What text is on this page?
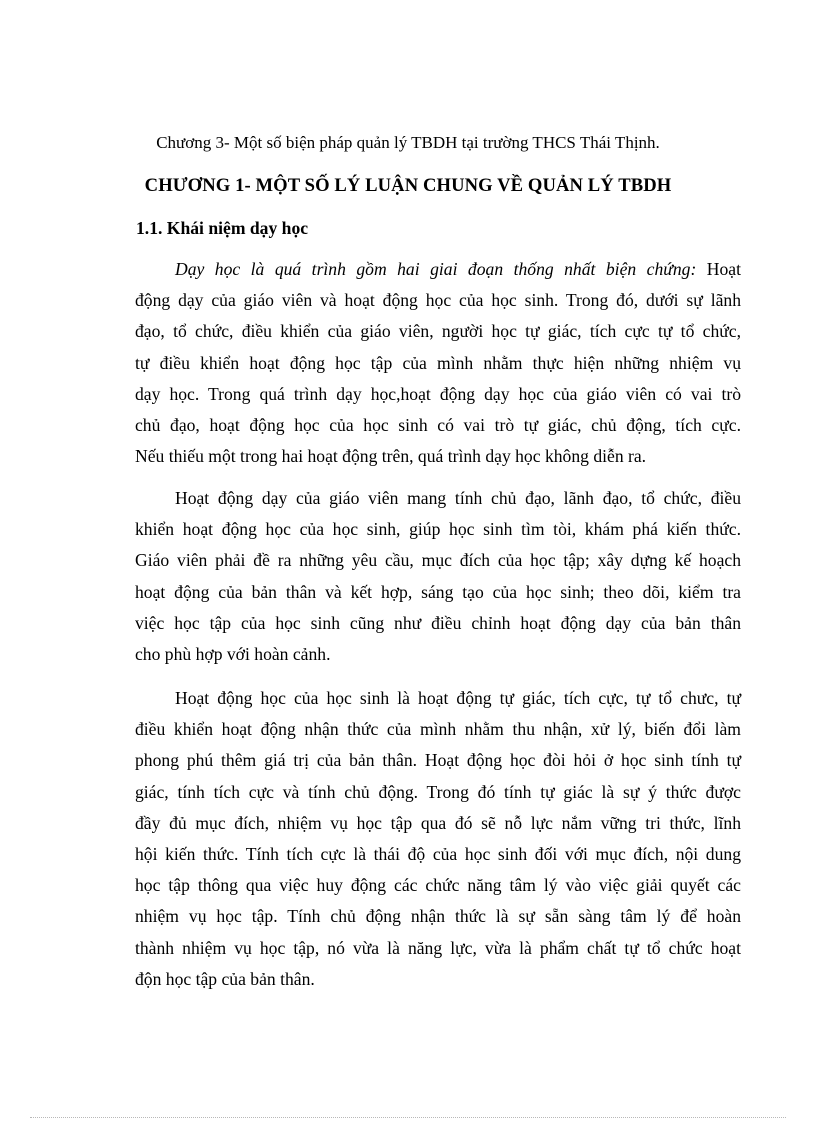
Chương 3- Một số biện pháp quản lý TBDH tại trường THCS Thái Thịnh.
CHƯƠNG 1- MỘT SỐ LÝ LUẬN CHUNG VỀ QUẢN LÝ TBDH
1.1. Khái niệm dạy học
Dạy học là quá trình gồm hai giai đoạn thống nhất biện chứng: Hoạt
động dạy của giáo viên và hoạt động học của học sinh. Trong đó, dưới sự lãnh
đạo, tổ chức, điều khiển của giáo viên, người học tự giác, tích cực tự tổ chức,
tự điều khiển hoạt động học tập của mình nhằm thực hiện những nhiệm vụ
dạy học. Trong quá trình dạy học,hoạt động dạy học của giáo viên có vai trò
chủ đạo, hoạt động học của học sinh có vai trò tự giác, chủ động, tích cực.
Nếu thiếu một trong hai hoạt động trên, quá trình dạy học không diễn ra.
Hoạt động dạy của giáo viên mang tính chủ đạo, lãnh đạo, tổ chức, điều
khiển hoạt động học của học sinh, giúp học sinh tìm tòi, khám phá kiến thức.
Giáo viên phải đề ra những yêu cầu, mục đích của học tập; xây dựng kế hoạch
hoạt động của bản thân và kết hợp, sáng tạo của học sinh; theo dõi, kiểm tra
việc học tập của học sinh cũng như điều chỉnh hoạt động dạy của bản thân
cho phù hợp với hoàn cảnh.
Hoạt động học của học sinh là hoạt động tự giác, tích cực, tự tổ chưc, tự
điều khiển hoạt động nhận thức của mình nhằm thu nhận, xử lý, biến đổi làm
phong phú thêm giá trị của bản thân. Hoạt động học đòi hỏi ở học sinh tính tự
giác, tính tích cực và tính chủ động. Trong đó tính tự giác là sự ý thức được
đầy đủ mục đích, nhiệm vụ học tập qua đó sẽ nỗ lực nắm vững tri thức, lĩnh
hội kiến thức. Tính tích cực là thái độ của học sinh đối với mục đích, nội dung
học tập thông qua việc huy động các chức năng tâm lý vào việc giải quyết các
nhiệm vụ học tập. Tính chủ động nhận thức là sự sẵn sàng tâm lý để hoàn
thành nhiệm vụ học tập, nó vừa là năng lực, vừa là phẩm chất tự tổ chức hoạt
độn học tập của bản thân.
